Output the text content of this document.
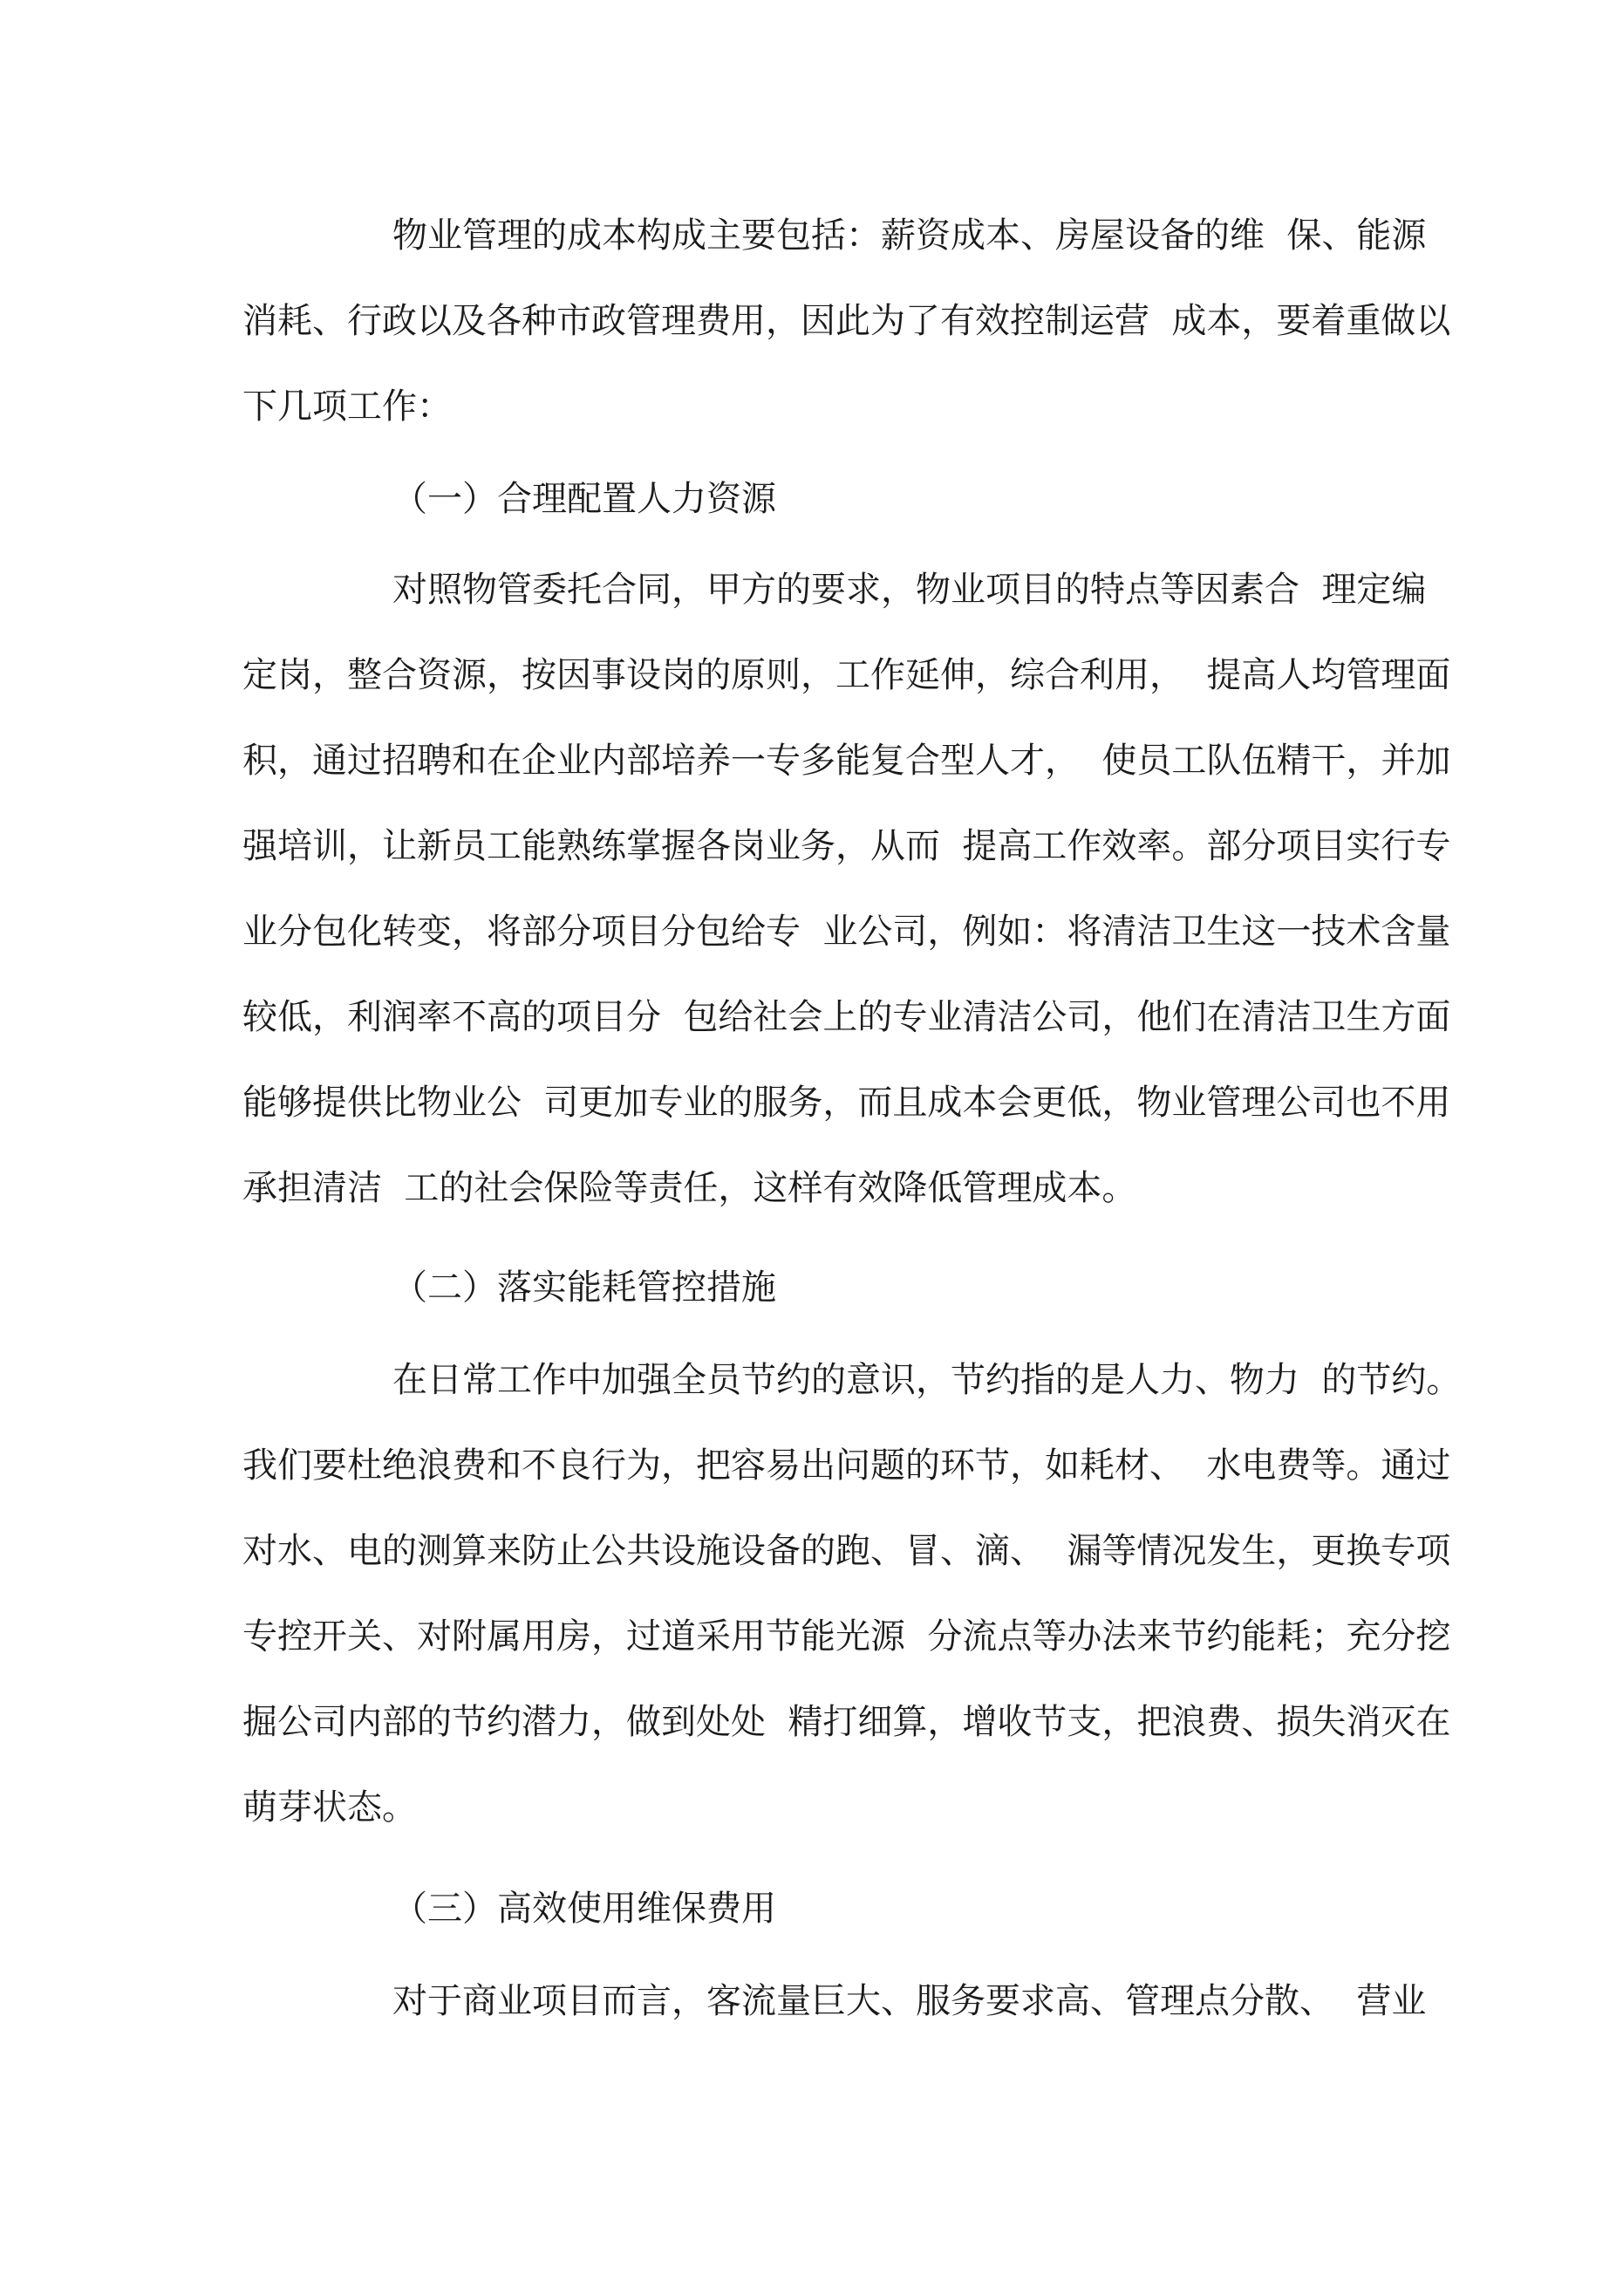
物业管理的成本构成主要包括：薪资成本、房屋设备的维  保、能源
消耗、行政以及各种市政管理费用，因此为了有效控制运营  成本，要着重做以
下几项工作：
（一）合理配置人力资源
对照物管委托合同，甲方的要求，物业项目的特点等因素合  理定编
定岗，整合资源，按因事设岗的原则，工作延伸，综合利用，  提高人均管理面
积，通过招聘和在企业内部培养一专多能复合型人才，  使员工队伍精干，并加
强培训，让新员工能熟练掌握各岗业务，从而  提高工作效率。部分项目实行专
业分包化转变，将部分项目分包给专  业公司，例如：将清洁卫生这一技术含量
较低，利润率不高的项目分  包给社会上的专业清洁公司，他们在清洁卫生方面
能够提供比物业公  司更加专业的服务，而且成本会更低，物业管理公司也不用
承担清洁  工的社会保险等责任，这样有效降低管理成本。
（二）落实能耗管控措施
在日常工作中加强全员节约的意识，节约指的是人力、物力  的节约。
我们要杜绝浪费和不良行为，把容易出问题的环节，如耗材、  水电费等。通过
对水、电的测算来防止公共设施设备的跑、冒、滴、  漏等情况发生，更换专项
专控开关、对附属用房，过道采用节能光源  分流点等办法来节约能耗；充分挖
掘公司内部的节约潜力，做到处处  精打细算，增收节支，把浪费、损失消灭在
萌芽状态。
（三）高效使用维保费用
对于商业项目而言，客流量巨大、服务要求高、管理点分散、  营业
